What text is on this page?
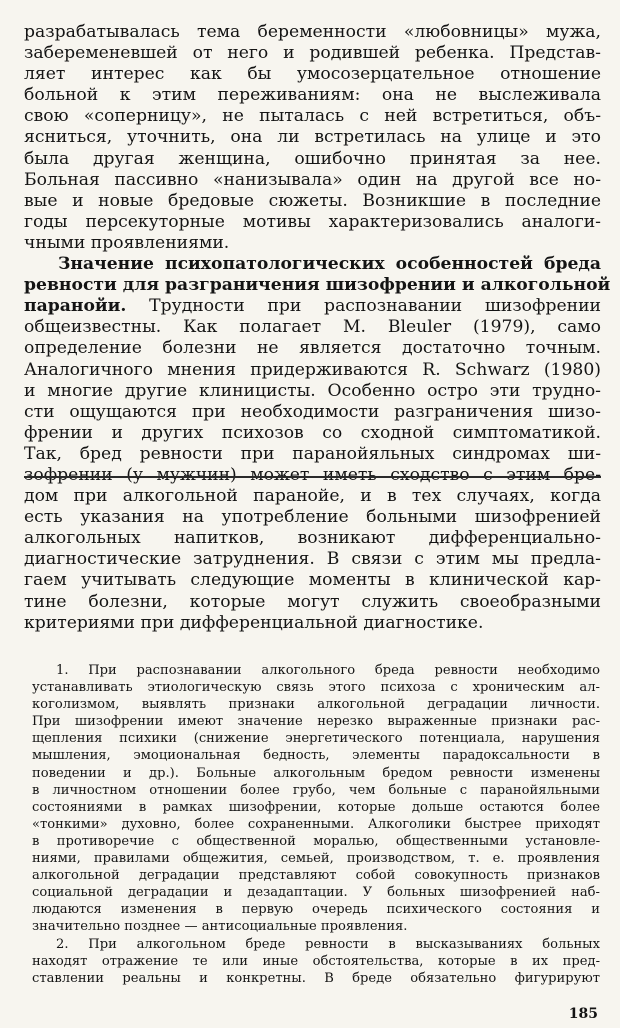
разрабатывалась тема беременности «любовницы» мужа,
забеременевшей от него и родившей ребенка. Представ-
ляет интерес как бы умосозерцательное отношение
больной к этим переживаниям: она не выслеживала
свою «соперницу», не пыталась с ней встретиться, объ-
ясниться, уточнить, она ли встретилась на улице и это
была другая женщина, ошибочно принятая за нее.
Больная пассивно «нанизывала» один на другой все но-
вые и новые бредовые сюжеты. Возникшие в последние
годы персекуторные мотивы характеризовались аналоги-
чными проявлениями.
Значение психопатологических особенностей бреда
ревности для разграничения шизофрении и алкогольной
паранойи. Трудности при распознавании шизофрении
общеизвестны. Как полагает М. Bleuler (1979), само
определение болезни не является достаточно точным.
Аналогичного мнения придерживаются R. Schwarz (1980)
и многие другие клиницисты. Особенно остро эти трудно-
сти ощущаются при необходимости разграничения шизо-
френии и других психозов со сходной симптоматикой.
Так, бред ревности при паранойяльных синдромах ши-
зофрении (у мужчин) может иметь сходство с этим бре-
дом при алкогольной паранойе, и в тех случаях, когда
есть указания на употребление больными шизофренией
алкогольных напитков, возникают дифференциально-
диагностические затруднения. В связи с этим мы предла-
гаем учитывать следующие моменты в клинической кар-
тине болезни, которые могут служить своеобразными
критериями при дифференциальной диагностике.
1. При распознавании алкогольного бреда ревности необходимо
устанавливать этиологическую связь этого психоза с хроническим ал-
коголизмом, выявлять признаки алкогольной деградации личности.
При шизофрении имеют значение нерезко выраженные признаки рас-
щепления психики (снижение энергетического потенциала, нарушения
мышления, эмоциональная бедность, элементы парадоксальности в
поведении и др.). Больные алкогольным бредом ревности изменены
в личностном отношении более грубо, чем больные с паранойяльными
состояниями в рамках шизофрении, которые дольше остаются более
«тонкими» духовно, более сохраненными. Алкоголики быстрее приходят
в противоречие с общественной моралью, общественными установле-
ниями, правилами общежития, семьей, производством, т. е. проявления
алкогольной деградации представляют собой совокупность признаков
социальной деградации и дезадаптации. У больных шизофренией наб-
людаются изменения в первую очередь психического состояния и
значительно позднее — антисоциальные проявления.
2. При алкогольном бреде ревности в высказываниях больных
находят отражение те или иные обстоятельства, которые в их пред-
ставлении реальны и конкретны. В бреде обязательно фигурируют
185
